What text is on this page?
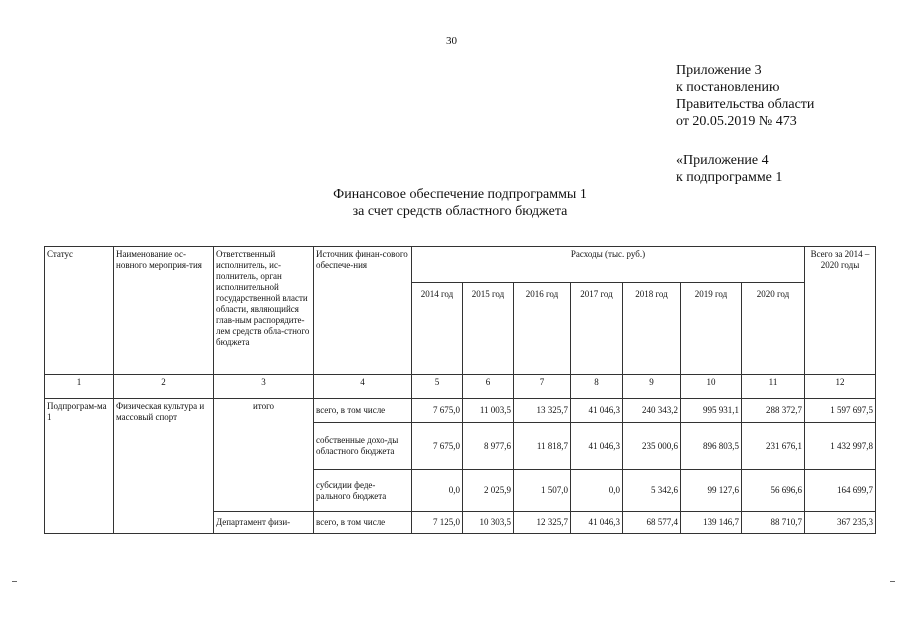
30
Приложение 3
к постановлению
Правительства области
от 20.05.2019 № 473
«Приложение 4
к подпрограмме 1
Финансовое обеспечение подпрограммы 1
за счет средств областного бюджета
Статус	Наименование ос-новного мероприя-тия	Ответственный исполнитель, ис-полнитель, орган исполнительной государственной власти области, являющийся глав-ным распорядите-лем средств обла-стного бюджета	Источник финан-сового обеспече-ния	Расходы (тыс. руб.)							Всего за 2014 – 2020 годы
				2014 год	2015 год	2016 год	2017 год	2018 год	2019 год	2020 год	
1	2	3	4	5	6	7	8	9	10	11	12
Подпрограм-ма 1	Физическая культура и массовый спорт	итого	всего, в том числе	7 675,0	11 003,5	13 325,7	41 046,3	240 343,2	995 931,1	288 372,7	1 597 697,5
			собственные дохо-ды областного бюджета	7 675,0	8 977,6	11 818,7	41 046,3	235 000,6	896 803,5	231 676,1	1 432 997,8
			субсидии феде-рального бюджета	0,0	2 025,9	1 507,0	0,0	5 342,6	99 127,6	56 696,6	164 699,7
		Департамент физи-	всего, в том числе	7 125,0	10 303,5	12 325,7	41 046,3	68 577,4	139 146,7	88 710,7	367 235,3
